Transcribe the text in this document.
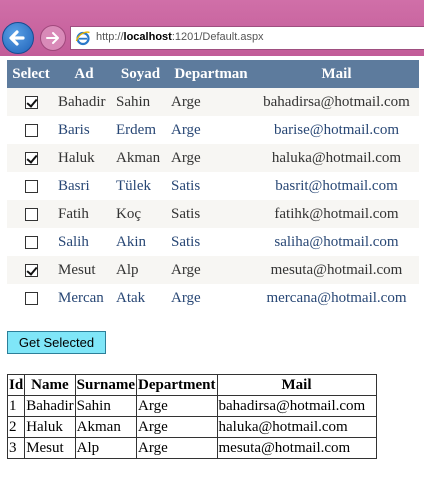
http://localhost:1201/Default.aspx
Select	Ad	Soyad	Departman	Mail
	Bahadir	Sahin	Arge	bahadirsa@hotmail.com
	Baris	Erdem	Arge	barise@hotmail.com
	Haluk	Akman	Arge	haluka@hotmail.com
	Basri	Tülek	Satis	basrit@hotmail.com
	Fatih	Koç	Satis	fatihk@hotmail.com
	Salih	Akin	Satis	saliha@hotmail.com
	Mesut	Alp	Arge	mesuta@hotmail.com
	Mercan	Atak	Arge	mercana@hotmail.com
Get Selected
Id	Name	Surname	Department	Mail
1	Bahadir	Sahin	Arge	bahadirsa@hotmail.com
2	Haluk	Akman	Arge	haluka@hotmail.com
3	Mesut	Alp	Arge	mesuta@hotmail.com
